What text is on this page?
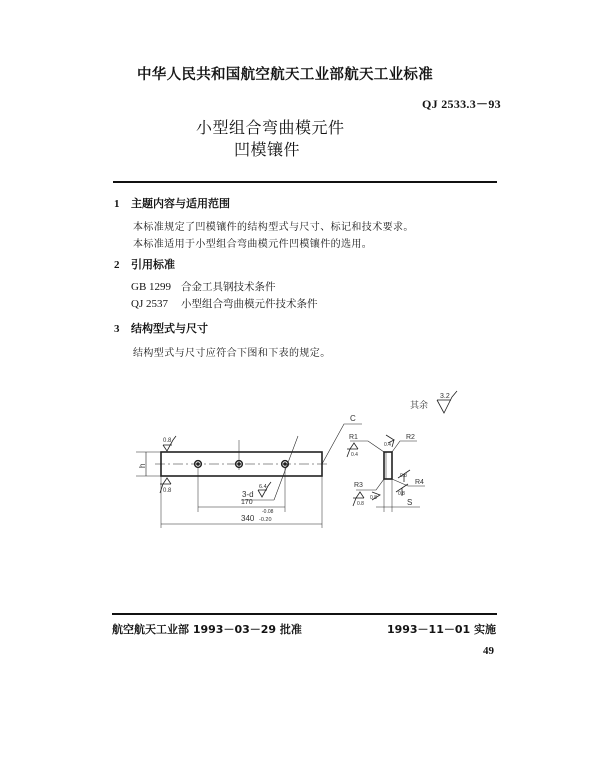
中华人民共和国航空航天工业部航天工业标准
QJ 2533.3－93
小型组合弯曲模元件
凹模镶件
1 主题内容与适用范围
本标准规定了凹模镶件的结构型式与尺寸、标记和技术要求。
本标准适用于小型组合弯曲模元件凹模镶件的选用。
2 引用标准
GB 1299 合金工具钢技术条件
QJ 2537 小型组合弯曲模元件技术条件
3 结构型式与尺寸
结构型式与尺寸应符合下图和下表的规定。
其余
3.2
h
0.8
0.8	3-d
6.4
170
340
-0.08
-0.20
C
S
R1
0.4
R2
0.4
R3
0.8
0.8
R4
0.8
0.8
航空航天工业部 1993－03－29 批准	1993－11－01 实施
49
